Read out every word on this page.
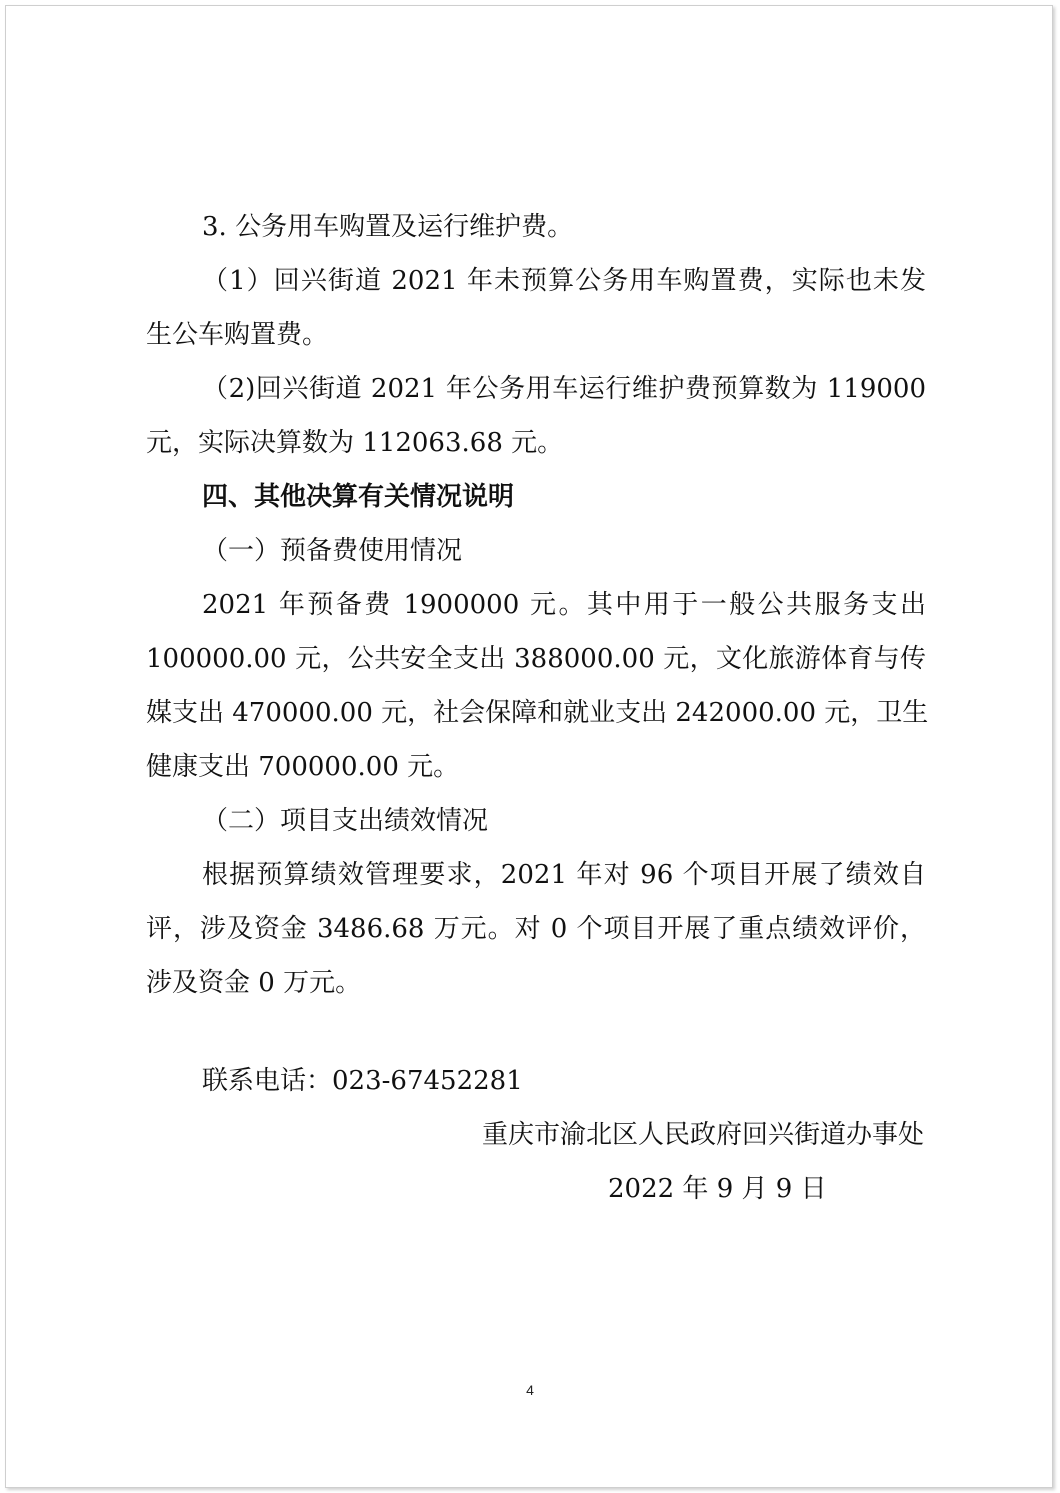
3. 公务用车购置及运行维护费。

（1）回兴街道 2021 年未预算公务用车购置费，实际也未发

生公车购置费。

（2)回兴街道 2021 年公务用车运行维护费预算数为 119000

元，实际决算数为 112063.68 元。

四、其他决算有关情况说明

（一）预备费使用情况

2021 年预备费 1900000 元。其中用于一般公共服务支出

100000.00 元，公共安全支出 388000.00 元，文化旅游体育与传

媒支出 470000.00 元，社会保障和就业支出 242000.00 元，卫生

健康支出 700000.00 元。

（二）项目支出绩效情况

根据预算绩效管理要求，2021 年对 96 个项目开展了绩效自

评，涉及资金 3486.68 万元。对 0 个项目开展了重点绩效评价，

涉及资金 0 万元。

联系电话：023-67452281

重庆市渝北区人民政府回兴街道办事处

2022 年 9 月 9 日

4
